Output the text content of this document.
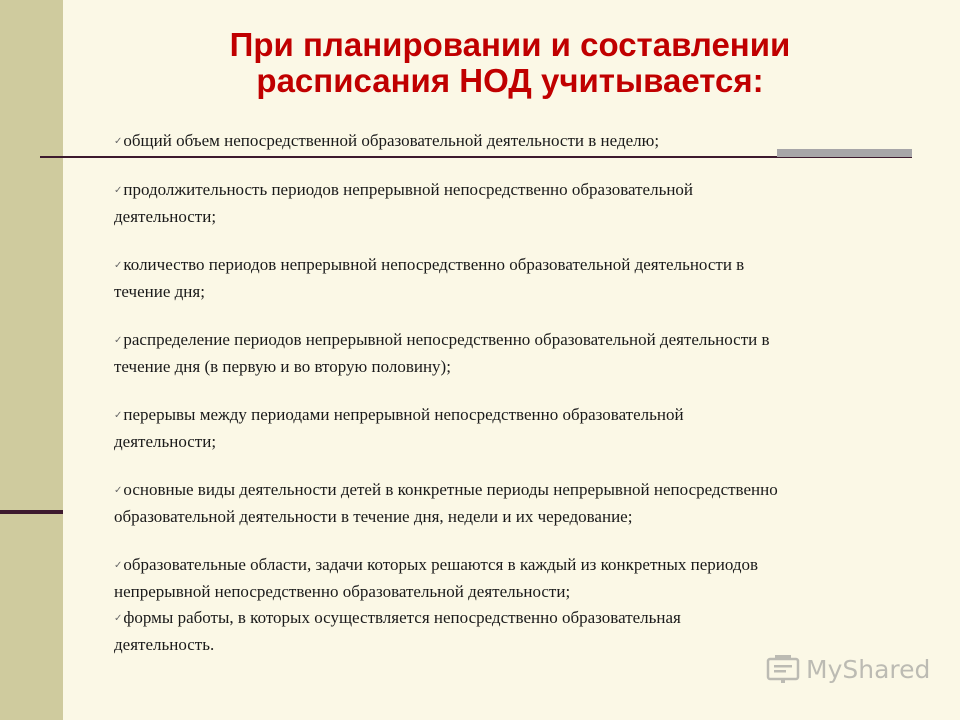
При планировании и составлении
расписания НОД учитывается:
✓общий объем непосредственной образовательной деятельности в неделю;
✓продолжительность периодов непрерывной непосредственно образовательной
деятельности;
✓количество периодов непрерывной непосредственно образовательной деятельности в
течение дня;
✓распределение периодов непрерывной непосредственно образовательной деятельности в
течение дня (в первую и во вторую половину);
✓перерывы между периодами непрерывной непосредственно образовательной
деятельности;
✓основные виды деятельности детей в конкретные периоды непрерывной непосредственно
образовательной деятельности в течение дня, недели и их чередование;
✓образовательные области, задачи которых решаются в каждый из конкретных периодов
непрерывной непосредственно образовательной деятельности;
✓формы работы, в которых осуществляется непосредственно образовательная
деятельность.
MyShared
